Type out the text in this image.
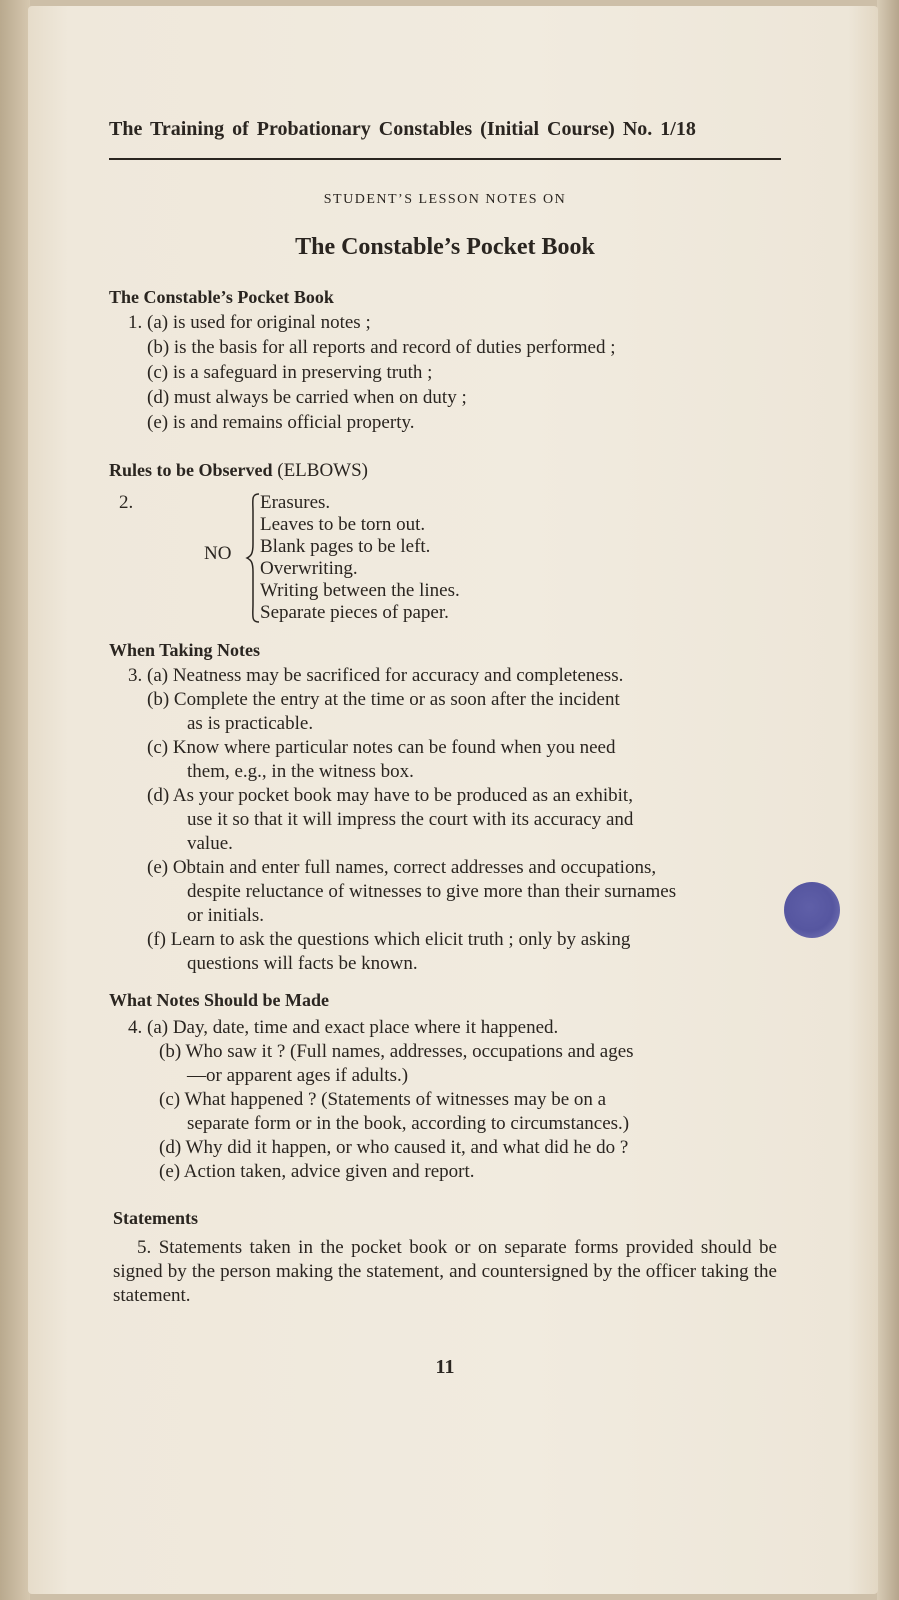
The Training of Probationary Constables (Initial Course) No. 1/18
STUDENT’S LESSON NOTES ON
The Constable’s Pocket Book
The Constable’s Pocket Book
1. (a) is used for original notes ;
(b) is the basis for all reports and record of duties performed ;
(c) is a safeguard in preserving truth ;
(d) must always be carried when on duty ;
(e) is and remains official property.
Rules to be Observed (ELBOWS)
2.
NO
Erasures.
Leaves to be torn out.
Blank pages to be left.
Overwriting.
Writing between the lines.
Separate pieces of paper.
When Taking Notes
3. (a) Neatness may be sacrificed for accuracy and completeness.
(b) Complete the entry at the time or as soon after the incident
as is practicable.
(c) Know where particular notes can be found when you need
them, e.g., in the witness box.
(d) As your pocket book may have to be produced as an exhibit,
use it so that it will impress the court with its accuracy and
value.
(e) Obtain and enter full names, correct addresses and occupations,
despite reluctance of witnesses to give more than their surnames
or initials.
(f) Learn to ask the questions which elicit truth ; only by asking
questions will facts be known.
What Notes Should be Made
4. (a) Day, date, time and exact place where it happened.
(b) Who saw it ? (Full names, addresses, occupations and ages
—or apparent ages if adults.)
(c) What happened ? (Statements of witnesses may be on a
separate form or in the book, according to circumstances.)
(d) Why did it happen, or who caused it, and what did he do ?
(e) Action taken, advice given and report.
Statements
5. Statements taken in the pocket book or on separate forms provided should be signed by the person making the statement, and countersigned by the officer taking the statement.
11
